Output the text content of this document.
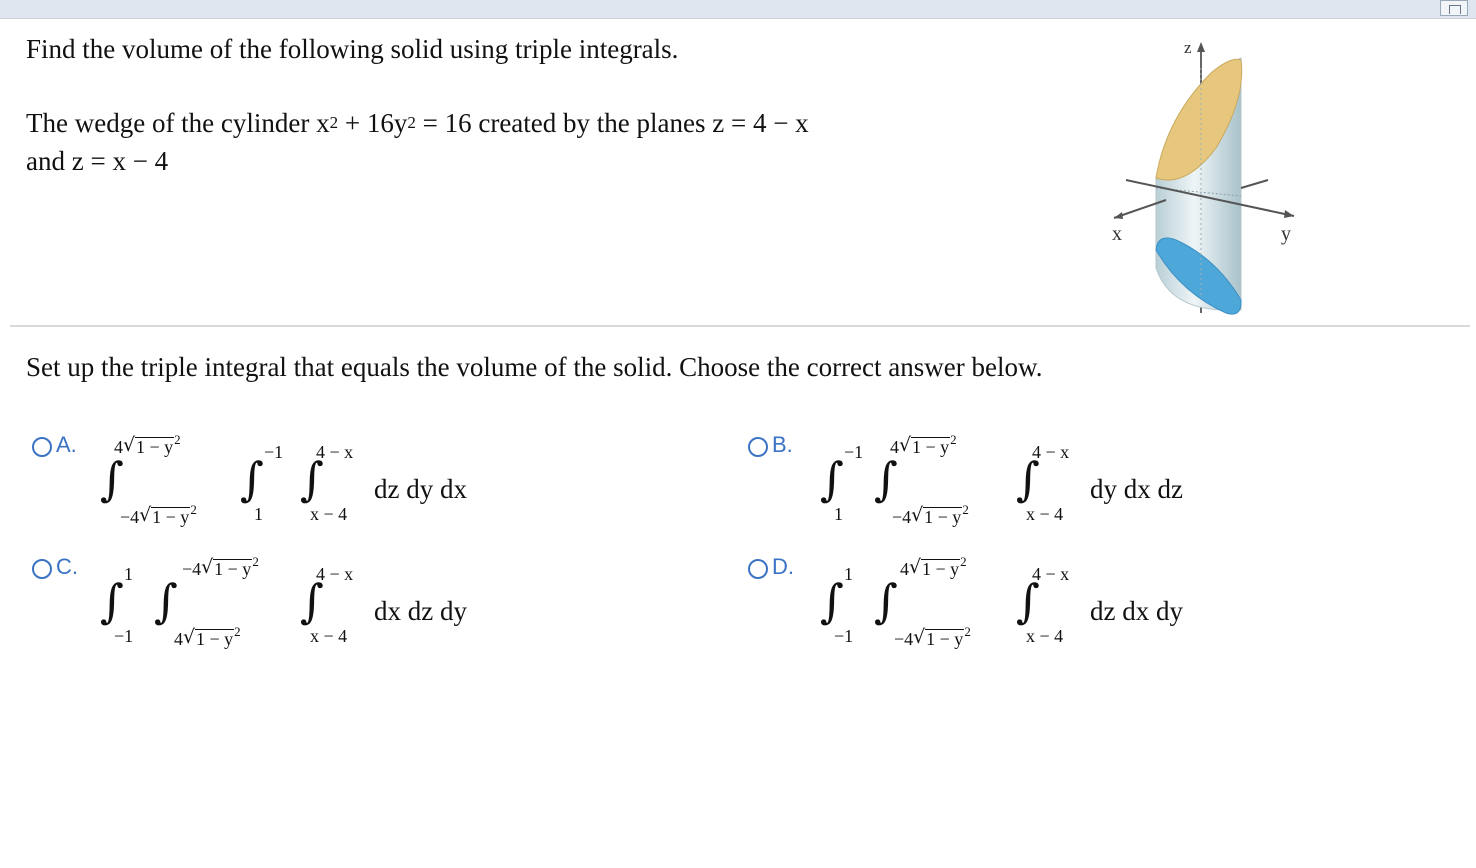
Find the volume of the following solid using triple integrals.
The wedge of the cylinder $x^2 + 16y^2 = 16$ created by the planes z = 4 − x
and z = x − 4
z
x	y
Set up the triple integral that equals the volume of the solid. Choose the correct answer below.
A.
∫
4 √ $1 - y^2$
−4 √ $1 - y^2$
∫ −1
1
∫
4 − x
x − 4
dz dy dx
B.
∫ −1
1
∫
4 √ $1 - y^2$
−4 √ $1 - y^2$
∫
4 − x
x − 4
dy dx dz
C.
∫ 1
−1
∫
−4 √ $1 - y^2$
4 √ $1 - y^2$
∫
4 − x
x − 4
dx dz dy
D.
∫ 1
−1
∫
4 √ $1 - y^2$
−4 √ $1 - y^2$
∫
4 − x
x − 4
dz dx dy
